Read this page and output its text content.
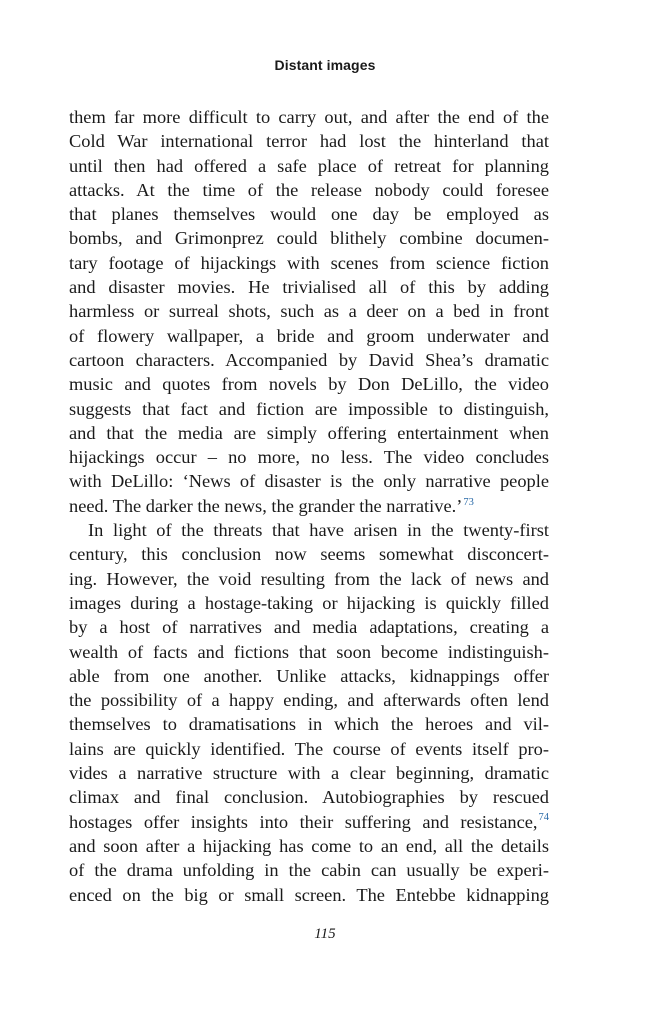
Distant images
them far more difficult to carry out, and after the end of the
Cold War international terror had lost the hinterland that
until then had offered a safe place of retreat for planning
attacks. At the time of the release nobody could foresee
that planes themselves would one day be employed as
bombs, and Grimonprez could blithely combine documen-
tary footage of hijackings with scenes from science fiction
and disaster movies. He trivialised all of this by adding
harmless or surreal shots, such as a deer on a bed in front
of flowery wallpaper, a bride and groom underwater and
cartoon characters. Accompanied by David Shea’s dramatic
music and quotes from novels by Don DeLillo, the video
suggests that fact and fiction are impossible to distinguish,
and that the media are simply offering entertainment when
hijackings occur – no more, no less. The video concludes
with DeLillo: ‘News of disaster is the only narrative people
need. The darker the news, the grander the narrative.’$^{73}$
In light of the threats that have arisen in the twenty-first
century, this conclusion now seems somewhat disconcert-
ing. However, the void resulting from the lack of news and
images during a hostage-taking or hijacking is quickly filled
by a host of narratives and media adaptations, creating a
wealth of facts and fictions that soon become indistinguish-
able from one another. Unlike attacks, kidnappings offer
the possibility of a happy ending, and afterwards often lend
themselves to dramatisations in which the heroes and vil-
lains are quickly identified. The course of events itself pro-
vides a narrative structure with a clear beginning, dramatic
climax and final conclusion. Autobiographies by rescued
hostages offer insights into their suffering and resistance,$^{74}$
and soon after a hijacking has come to an end, all the details
of the drama unfolding in the cabin can usually be experi-
enced on the big or small screen. The Entebbe kidnapping
115
